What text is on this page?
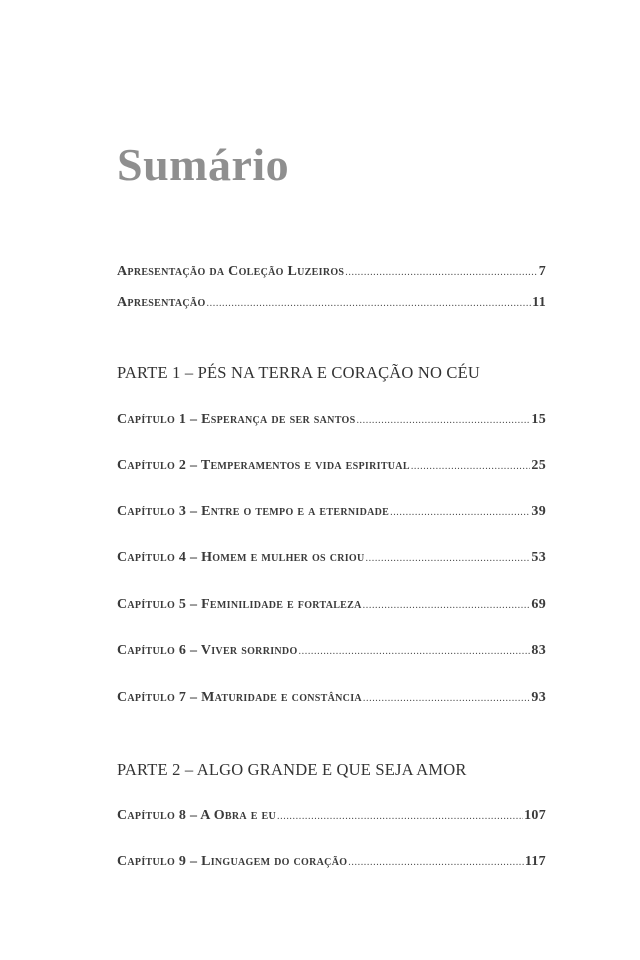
Sumário
Apresentação da Coleção Luzeiros .....	7
Apresentação .....	11
PARTE 1 – PÉS NA TERRA E CORAÇÃO NO CÉU
Capítulo 1 – Esperança de ser santos .....	15
Capítulo 2 – Temperamentos e vida espiritual .....	25
Capítulo 3 – Entre o tempo e a eternidade .....	39
Capítulo 4 – Homem e mulher os criou .....	53
Capítulo 5 – Feminilidade e fortaleza .....	69
Capítulo 6 – Viver sorrindo .....	83
Capítulo 7 – Maturidade e constância .....	93
PARTE 2 – ALGO GRANDE E QUE SEJA AMOR
Capítulo 8 – A Obra e eu .....	107
Capítulo 9 – Linguagem do coração .....	117
